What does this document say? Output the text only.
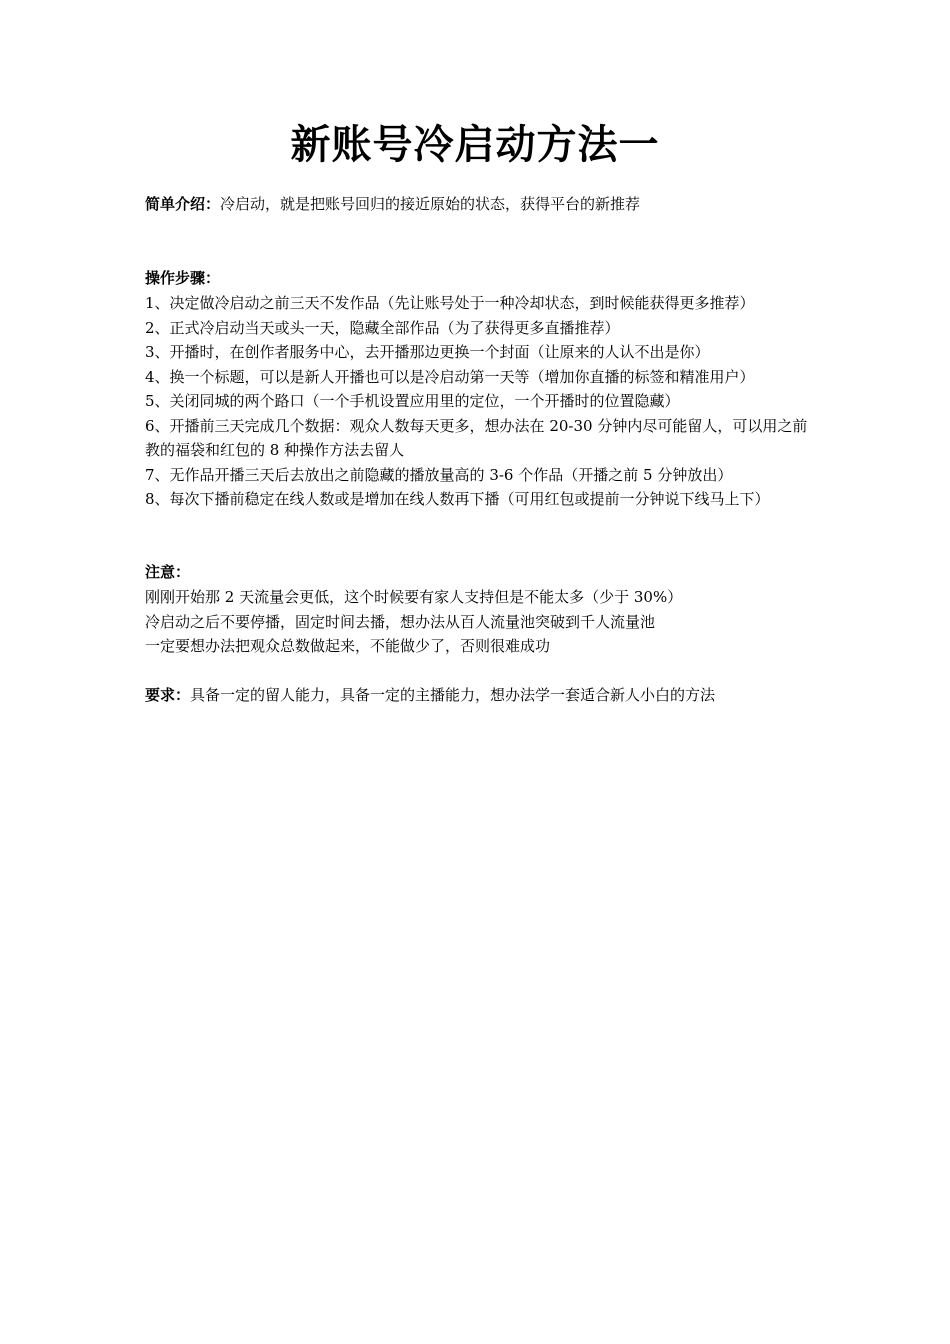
新账号冷启动方法一

简单介绍：冷启动，就是把账号回归的接近原始的状态，获得平台的新推荐

操作步骤：
1、决定做冷启动之前三天不发作品（先让账号处于一种冷却状态，到时候能获得更多推荐）
2、正式冷启动当天或头一天，隐藏全部作品（为了获得更多直播推荐）
3、开播时，在创作者服务中心，去开播那边更换一个封面（让原来的人认不出是你）
4、换一个标题，可以是新人开播也可以是冷启动第一天等（增加你直播的标签和精准用户）
5、关闭同城的两个路口（一个手机设置应用里的定位，一个开播时的位置隐藏）
6、开播前三天完成几个数据：观众人数每天更多，想办法在 20-30 分钟内尽可能留人，可以用之前教的福袋和红包的 8 种操作方法去留人
7、无作品开播三天后去放出之前隐藏的播放量高的 3-6 个作品（开播之前 5 分钟放出）
8、每次下播前稳定在线人数或是增加在线人数再下播（可用红包或提前一分钟说下线马上下）
注意：
刚刚开始那 2 天流量会更低，这个时候要有家人支持但是不能太多（少于 30%）
冷启动之后不要停播，固定时间去播，想办法从百人流量池突破到千人流量池
一定要想办法把观众总数做起来，不能做少了，否则很难成功

要求：具备一定的留人能力，具备一定的主播能力，想办法学一套适合新人小白的方法
